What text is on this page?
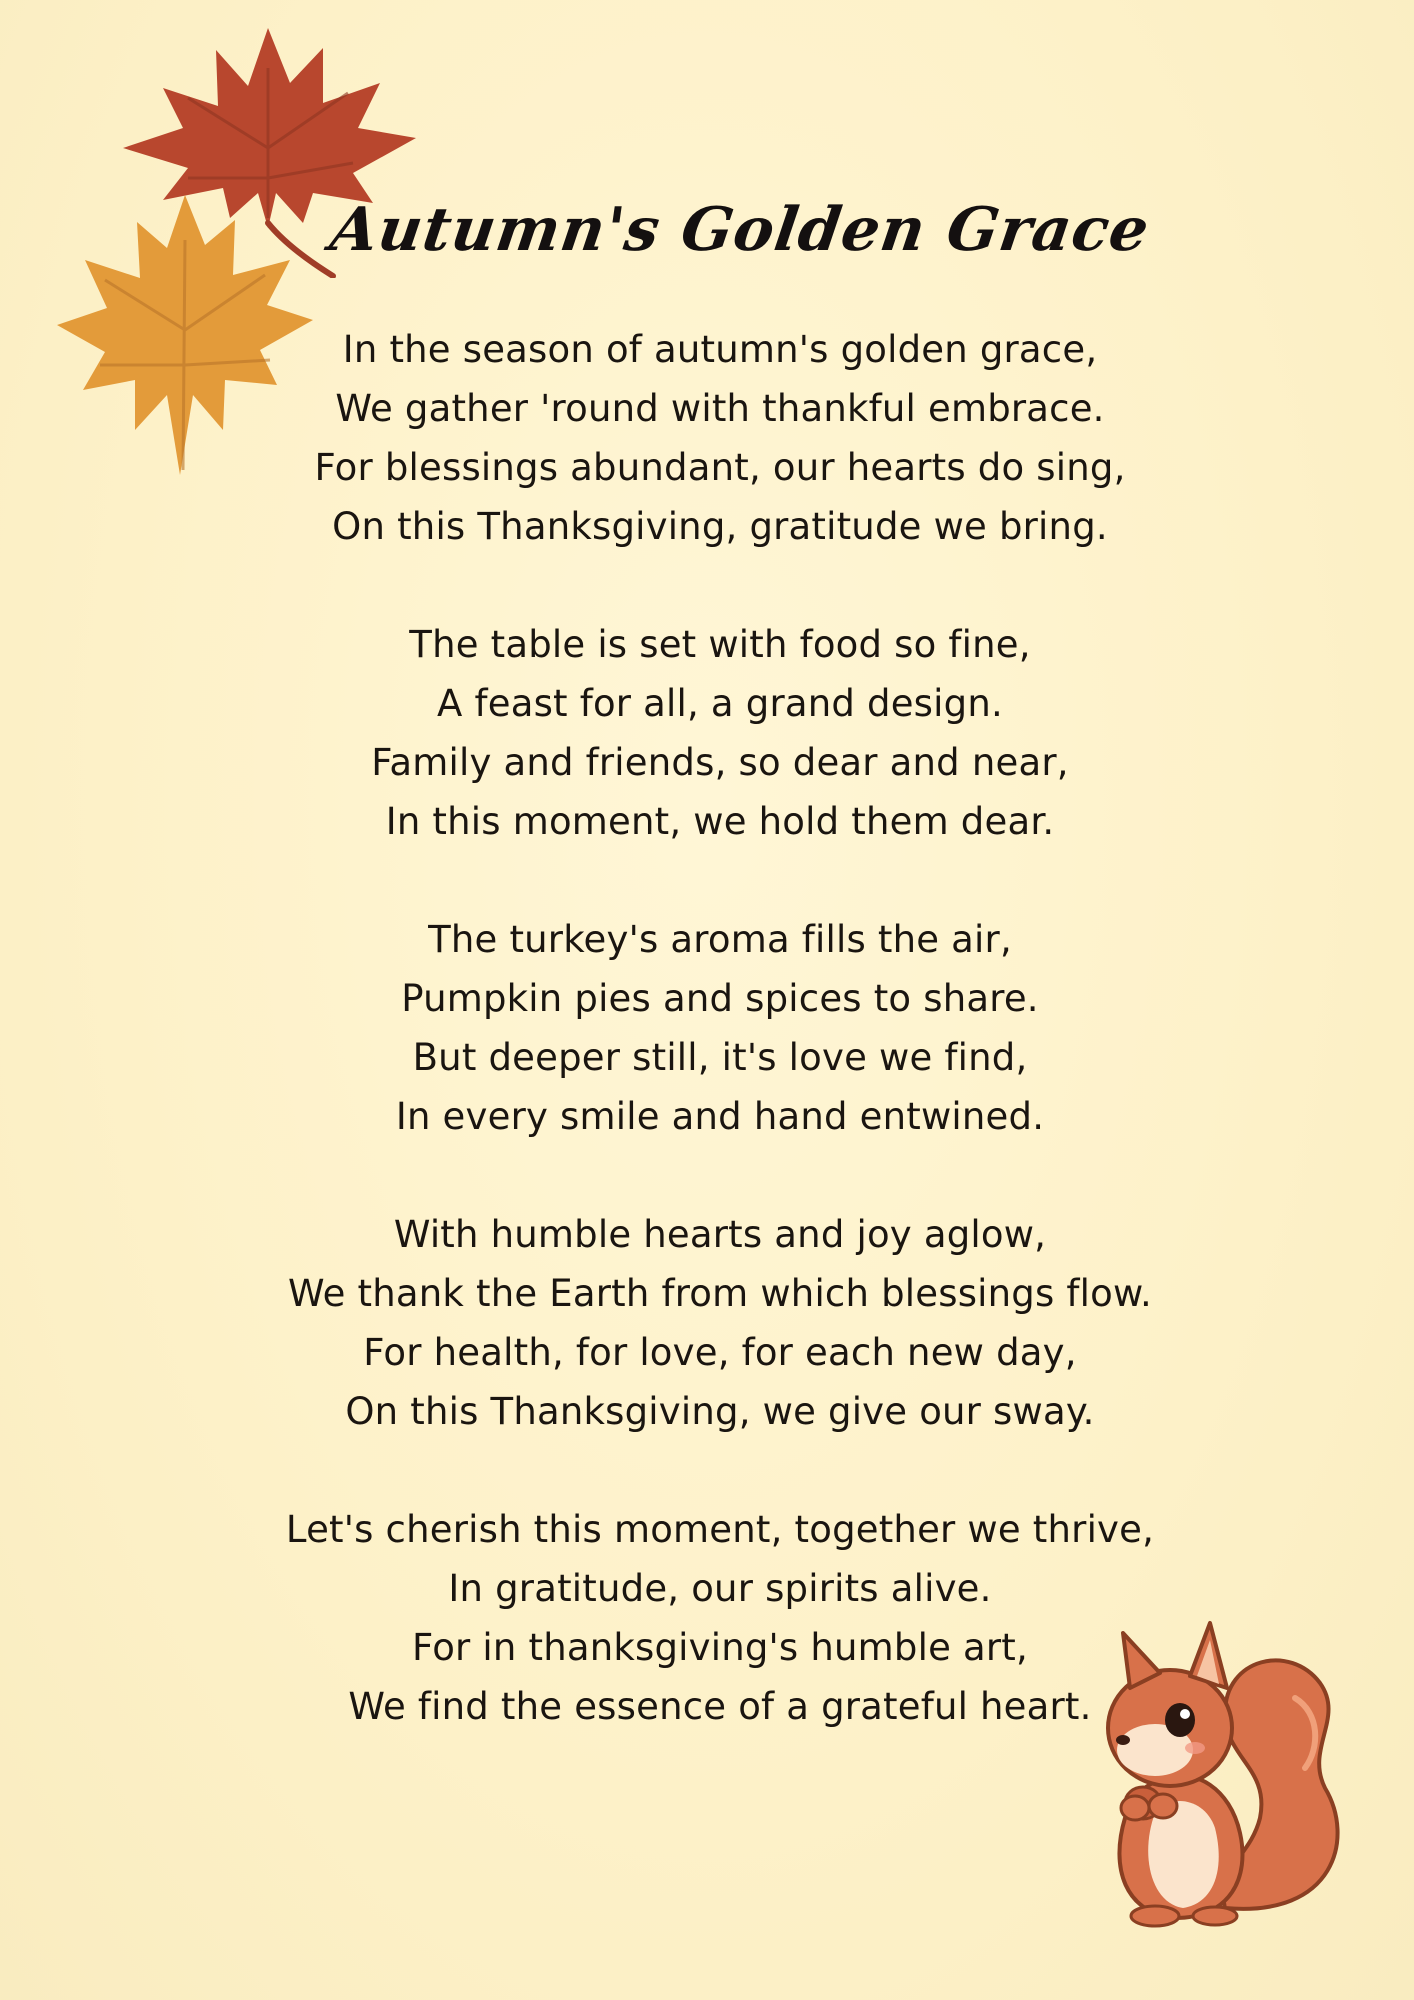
Autumn's Golden Grace
In the season of autumn's golden grace,
We gather 'round with thankful embrace.
For blessings abundant, our hearts do sing,
On this Thanksgiving, gratitude we bring.
The table is set with food so fine,
A feast for all, a grand design.
Family and friends, so dear and near,
In this moment, we hold them dear.
The turkey's aroma fills the air,
Pumpkin pies and spices to share.
But deeper still, it's love we find,
In every smile and hand entwined.
With humble hearts and joy aglow,
We thank the Earth from which blessings flow.
For health, for love, for each new day,
On this Thanksgiving, we give our sway.
Let's cherish this moment, together we thrive,
In gratitude, our spirits alive.
For in thanksgiving's humble art,
We find the essence of a grateful heart.
